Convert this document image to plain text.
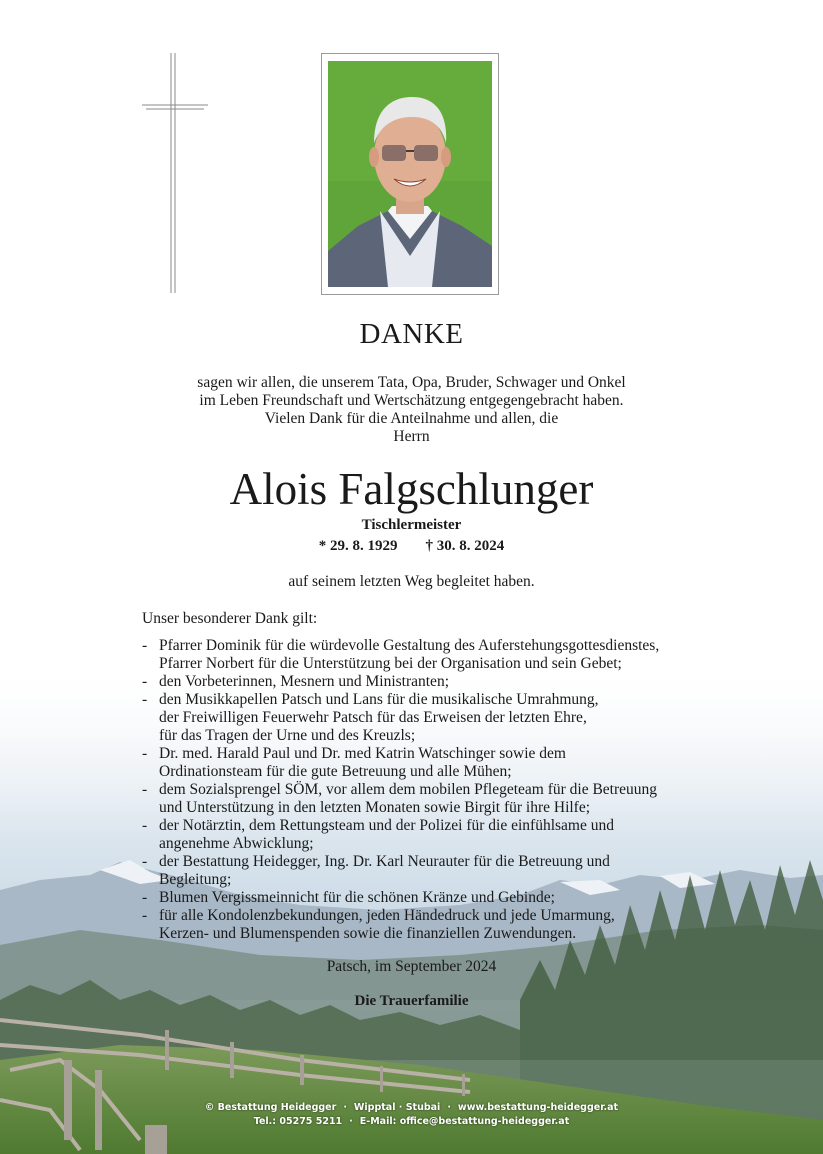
DANKE
sagen wir allen, die unserem Tata, Opa, Bruder, Schwager und Onkel
im Leben Freundschaft und Wertschätzung entgegengebracht haben.
Vielen Dank für die Anteilnahme und allen, die
Herrn
Alois Falgschlunger
Tischlermeister
* 29. 8. 1929 † 30. 8. 2024
auf seinem letzten Weg begleitet haben.
Unser besonderer Dank gilt:
- Pfarrer Dominik für die würdevolle Gestaltung des Auferstehungsgottesdienstes,
Pfarrer Norbert für die Unterstützung bei der Organisation und sein Gebet;
- den Vorbeterinnen, Mesnern und Ministranten;
- den Musikkapellen Patsch und Lans für die musikalische Umrahmung,
der Freiwilligen Feuerwehr Patsch für das Erweisen der letzten Ehre,
für das Tragen der Urne und des Kreuzls;
- Dr. med. Harald Paul und Dr. med Katrin Watschinger sowie dem
Ordinationsteam für die gute Betreuung und alle Mühen;
- dem Sozialsprengel SÖM, vor allem dem mobilen Pflegeteam für die Betreuung
und Unterstützung in den letzten Monaten sowie Birgit für ihre Hilfe;
- der Notärztin, dem Rettungsteam und der Polizei für die einfühlsame und
angenehme Abwicklung;
- der Bestattung Heidegger, Ing. Dr. Karl Neurauter für die Betreuung und
Begleitung;
- Blumen Vergissmeinnicht für die schönen Kränze und Gebinde;
- für alle Kondolenzbekundungen, jeden Händedruck und jede Umarmung,
Kerzen- und Blumenspenden sowie die finanziellen Zuwendungen.
Patsch, im September 2024
Die Trauerfamilie
© Bestattung Heidegger · Wipptal · Stubai · www.bestattung-heidegger.at
Tel.: 05275 5211 · E-Mail: office@bestattung-heidegger.at
